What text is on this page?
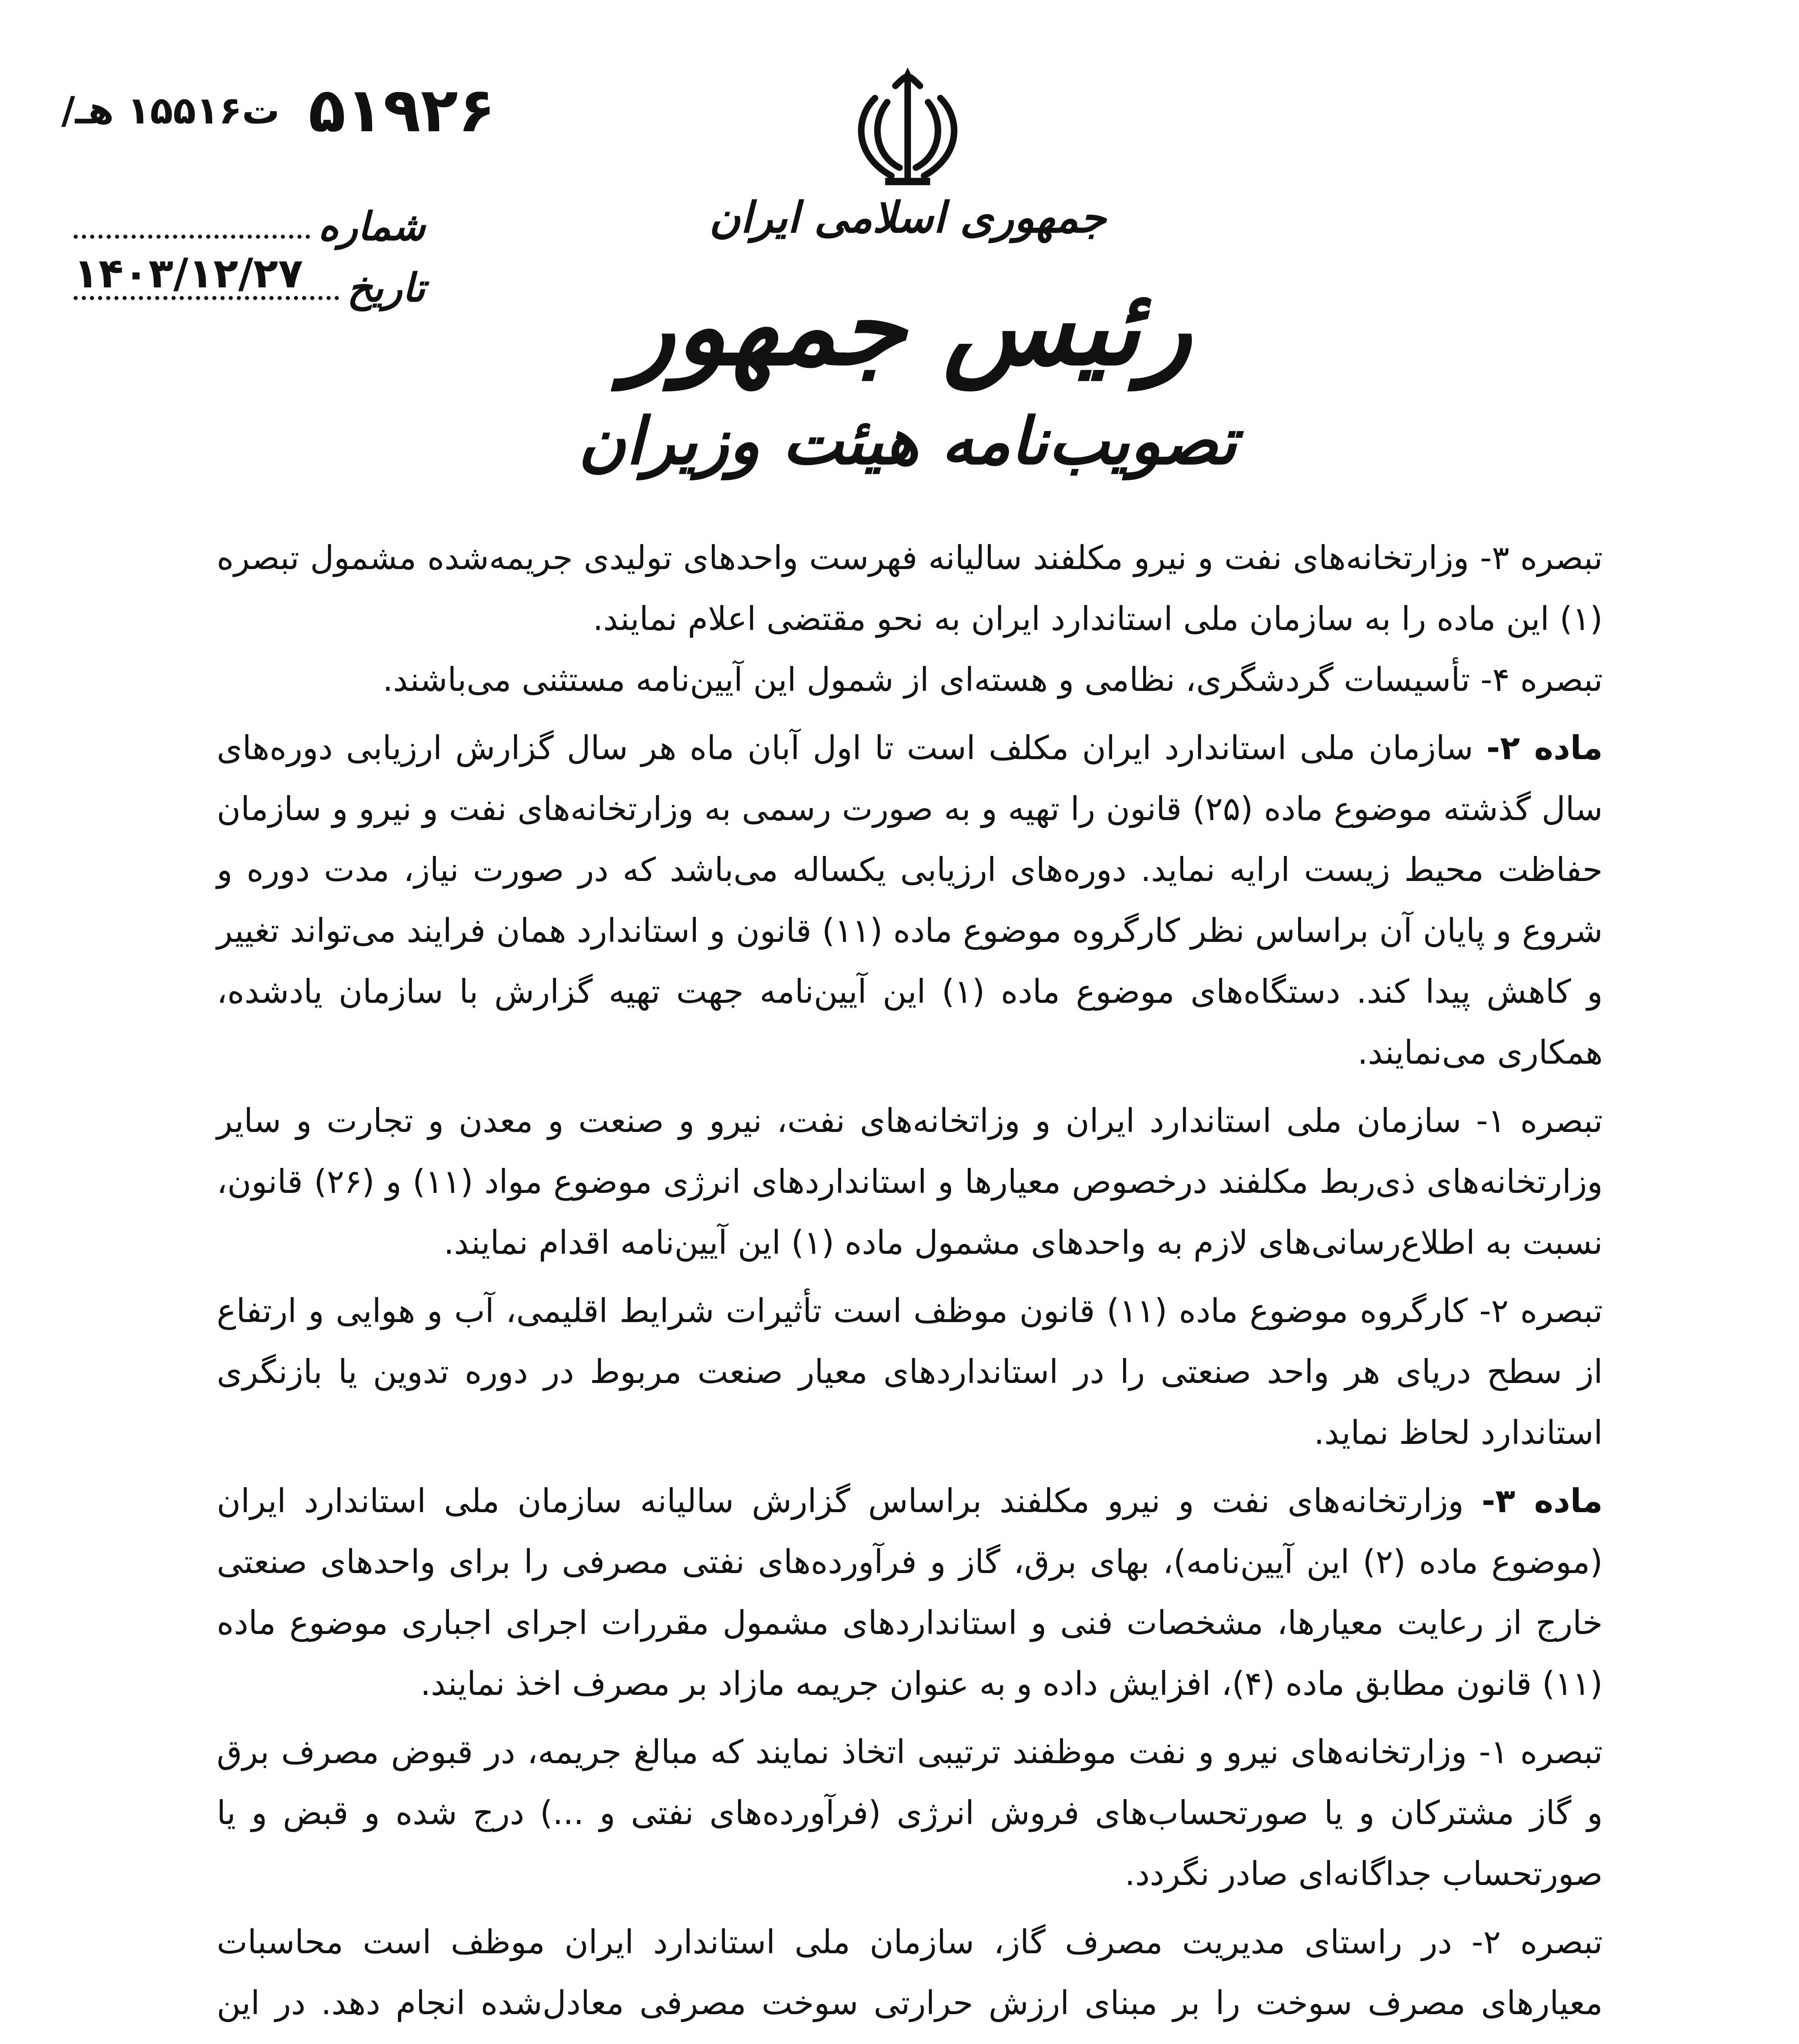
/ت۱۵۵۱۶ هـ ۵۱۹۲۶
شماره
تاریخ
۱۴۰۳/۱۲/۲۷
جمهوری اسلامی ایران
رئیس جمهور
تصویب‌نامه هیئت وزیران

تبصره ۳- وزارتخانه‌های نفت و نیرو مکلفند سالیانه فهرست واحدهای تولیدی جریمه‌شده مشمول تبصره (۱) این ماده را به سازمان ملی استاندارد ایران به نحو مقتضی اعلام نمایند.

تبصره ۴- تأسیسات گردشگری، نظامی و هسته‌ای از شمول این آیین‌نامه مستثنی می‌باشند.

ماده ۲- سازمان ملی استاندارد ایران مکلف است تا اول آبان ماه هر سال گزارش ارزیابی دوره‌های سال گذشته موضوع ماده (۲۵) قانون را تهیه و به صورت رسمی به وزارتخانه‌های نفت و نیرو و سازمان حفاظت محیط زیست ارایه نماید. دوره‌های ارزیابی یکساله می‌باشد که در صورت نیاز، مدت دوره و شروع و پایان آن براساس نظر کارگروه موضوع ماده (۱۱) قانون و استاندارد همان فرایند می‌تواند تغییر و کاهش پیدا کند. دستگاه‌های موضوع ماده (۱) این آیین‌نامه جهت تهیه گزارش با سازمان یادشده، همکاری می‌نمایند.

تبصره ۱- سازمان ملی استاندارد ایران و وزاتخانه‌های نفت، نیرو و صنعت و معدن و تجارت و سایر وزارتخانه‌های ذی‌ربط مکلفند درخصوص معیارها و استانداردهای انرژی موضوع مواد (۱۱) و (۲۶) قانون، نسبت به اطلاع‌رسانی‌های لازم به واحدهای مشمول ماده (۱) این آیین‌نامه اقدام نمایند.

تبصره ۲- کارگروه موضوع ماده (۱۱) قانون موظف است تأثیرات شرایط اقلیمی، آب و هوایی و ارتفاع از سطح دریای هر واحد صنعتی را در استانداردهای معیار صنعت مربوط در دوره تدوین یا بازنگری استاندارد لحاظ نماید.

ماده ۳- وزارتخانه‌های نفت و نیرو مکلفند براساس گزارش سالیانه سازمان ملی استاندارد ایران (موضوع ماده (۲) این آیین‌نامه)، بهای برق، گاز و فرآورده‌های نفتی مصرفی را برای واحدهای صنعتی خارج از رعایت معیارها، مشخصات فنی و استانداردهای مشمول مقررات اجرای اجباری موضوع ماده (۱۱) قانون مطابق ماده (۴)، افزایش داده و به عنوان جریمه مازاد بر مصرف اخذ نمایند.

تبصره ۱- وزارتخانه‌های نیرو و نفت موظفند ترتیبی اتخاذ نمایند که مبالغ جریمه، در قبوض مصرف برق و گاز مشترکان و یا صورتحساب‌های فروش انرژی (فرآورده‌های نفتی و ...) درج شده و قبض و یا صورتحساب جداگانه‌ای صادر نگردد.

تبصره ۲- در راستای مدیریت مصرف گاز، سازمان ملی استاندارد ایران موظف است محاسبات معیارهای مصرف سوخت را بر مبنای ارزش حرارتی سوخت مصرفی معادل‌شده انجام دهد. در این
